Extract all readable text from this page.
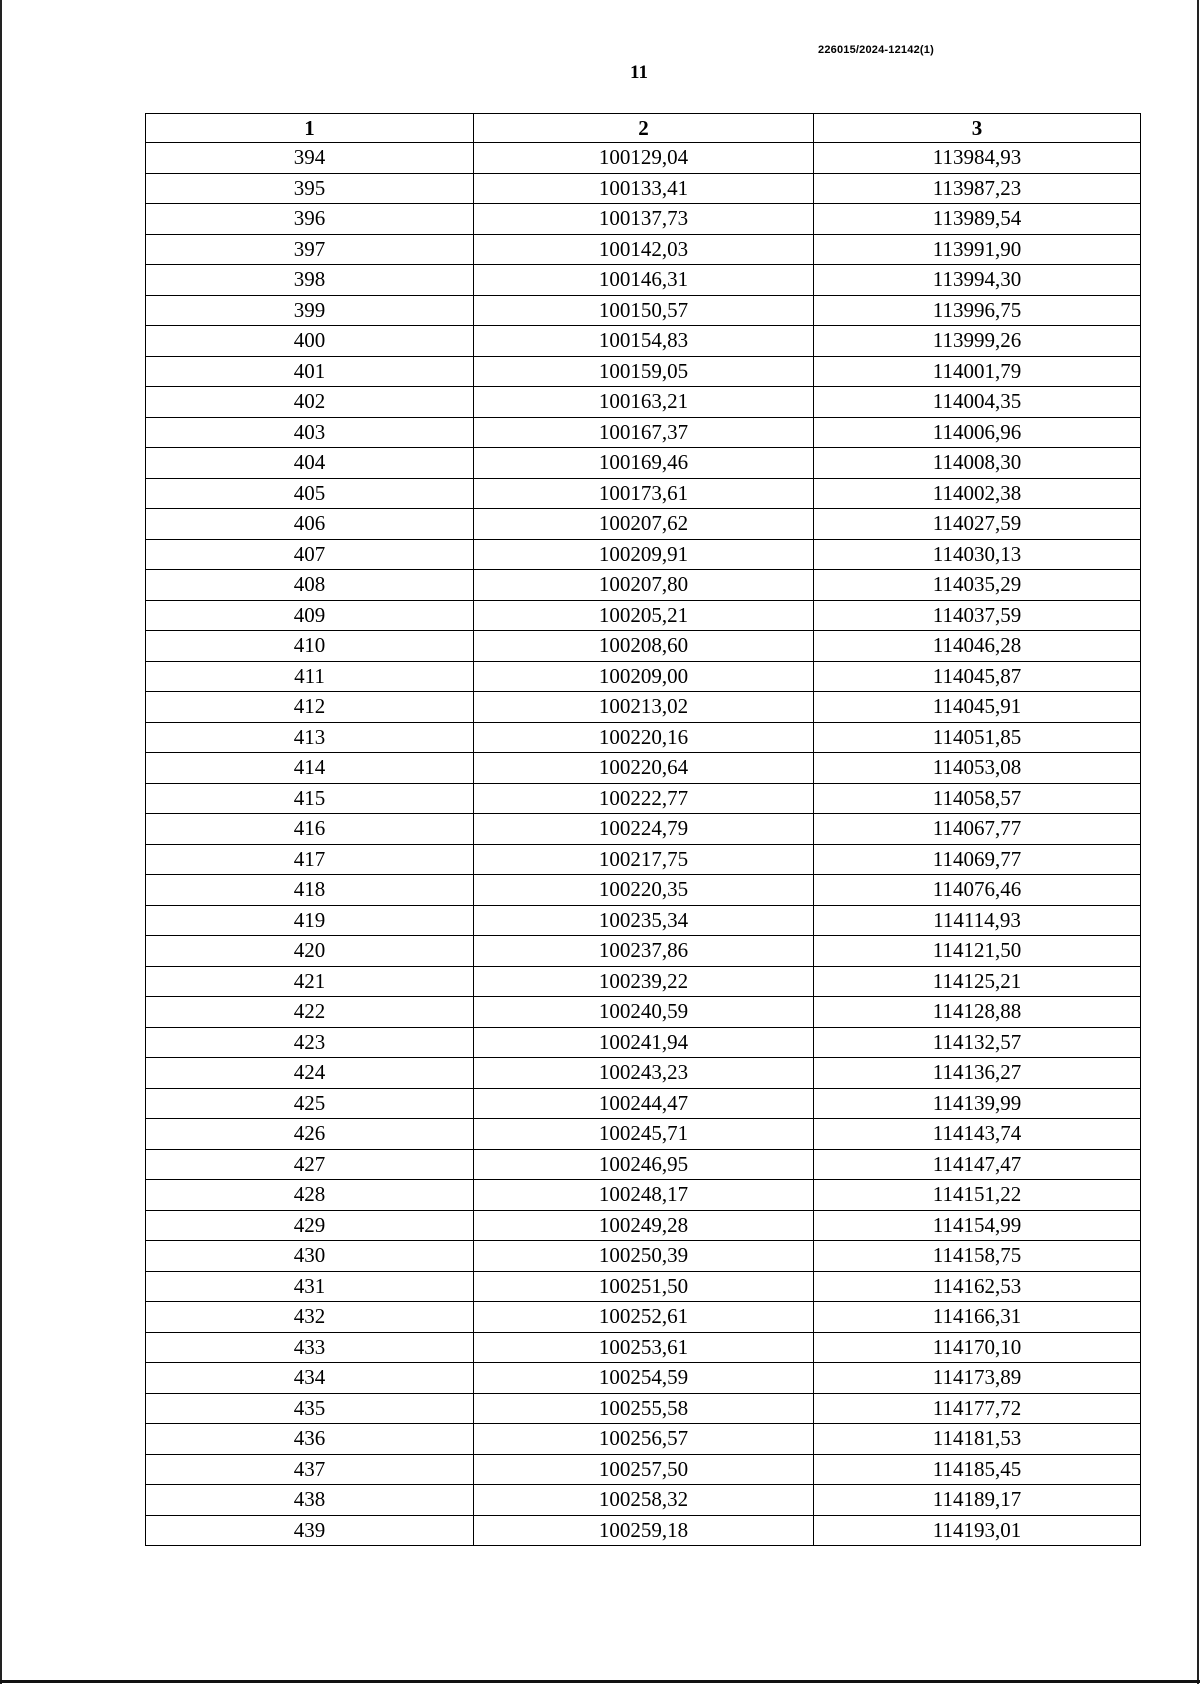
226015/2024-12142(1)
11
1	2	3
394	100129,04	113984,93
395	100133,41	113987,23
396	100137,73	113989,54
397	100142,03	113991,90
398	100146,31	113994,30
399	100150,57	113996,75
400	100154,83	113999,26
401	100159,05	114001,79
402	100163,21	114004,35
403	100167,37	114006,96
404	100169,46	114008,30
405	100173,61	114002,38
406	100207,62	114027,59
407	100209,91	114030,13
408	100207,80	114035,29
409	100205,21	114037,59
410	100208,60	114046,28
411	100209,00	114045,87
412	100213,02	114045,91
413	100220,16	114051,85
414	100220,64	114053,08
415	100222,77	114058,57
416	100224,79	114067,77
417	100217,75	114069,77
418	100220,35	114076,46
419	100235,34	114114,93
420	100237,86	114121,50
421	100239,22	114125,21
422	100240,59	114128,88
423	100241,94	114132,57
424	100243,23	114136,27
425	100244,47	114139,99
426	100245,71	114143,74
427	100246,95	114147,47
428	100248,17	114151,22
429	100249,28	114154,99
430	100250,39	114158,75
431	100251,50	114162,53
432	100252,61	114166,31
433	100253,61	114170,10
434	100254,59	114173,89
435	100255,58	114177,72
436	100256,57	114181,53
437	100257,50	114185,45
438	100258,32	114189,17
439	100259,18	114193,01
